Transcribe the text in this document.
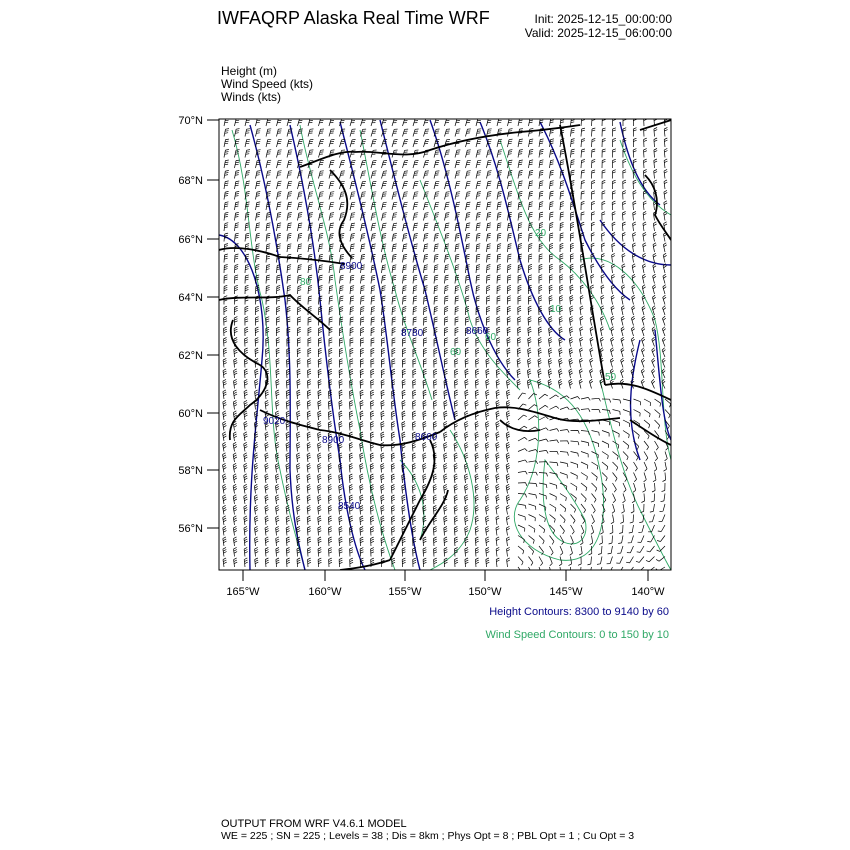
IWFAQRP Alaska Real Time WRF	Init: 2025-12-15_00:00:00
Valid: 2025-12-15_06:00:00
Height (m)
Wind Speed (kts)
Winds (kts)
8900
8780	8660
9020
8900	8660
8540
80
60
20
60
50
10
70°N
68°N
66°N
64°N
62°N
60°N
58°N
56°N
165°W	160°W	155°W	150°W	145°W	140°W
Height Contours: 8300 to 9140 by 60
Wind Speed Contours: 0 to 150 by 10
OUTPUT FROM WRF V4.6.1 MODEL
WE = 225 ; SN = 225 ; Levels = 38 ; Dis = 8km ; Phys Opt = 8 ; PBL Opt = 1 ; Cu Opt = 3
